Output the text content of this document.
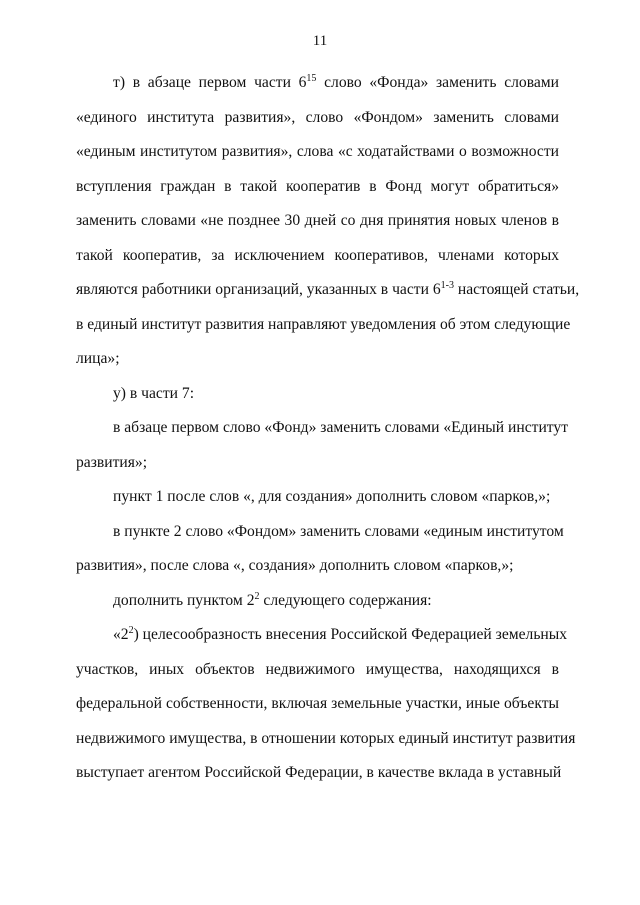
11
т) в абзаце первом части $6^{15}$ слово «Фонда» заменить словами
«единого института развития», слово «Фондом» заменить словами
«единым институтом развития», слова «с ходатайствами о возможности
вступления граждан в такой кооператив в Фонд могут обратиться»
заменить словами «не позднее 30 дней со дня принятия новых членов в
такой кооператив, за исключением кооперативов, членами которых
являются работники организаций, указанных в части 6$^{1-3}$ настоящей статьи,
в единый институт развития направляют уведомления об этом следующие
лица»;
у) в части 7:
в абзаце первом слово «Фонд» заменить словами «Единый институт
развития»;
пункт 1 после слов «, для создания» дополнить словом «парков,»;
в пункте 2 слово «Фондом» заменить словами «единым институтом
развития», после слова «, создания» дополнить словом «парков,»;
дополнить пунктом $2^2$ следующего содержания:
«$2^2$) целесообразность внесения Российской Федерацией земельных
участков, иных объектов недвижимого имущества, находящихся в
федеральной собственности, включая земельные участки, иные объекты
недвижимого имущества, в отношении которых единый институт развития
выступает агентом Российской Федерации, в качестве вклада в уставный
